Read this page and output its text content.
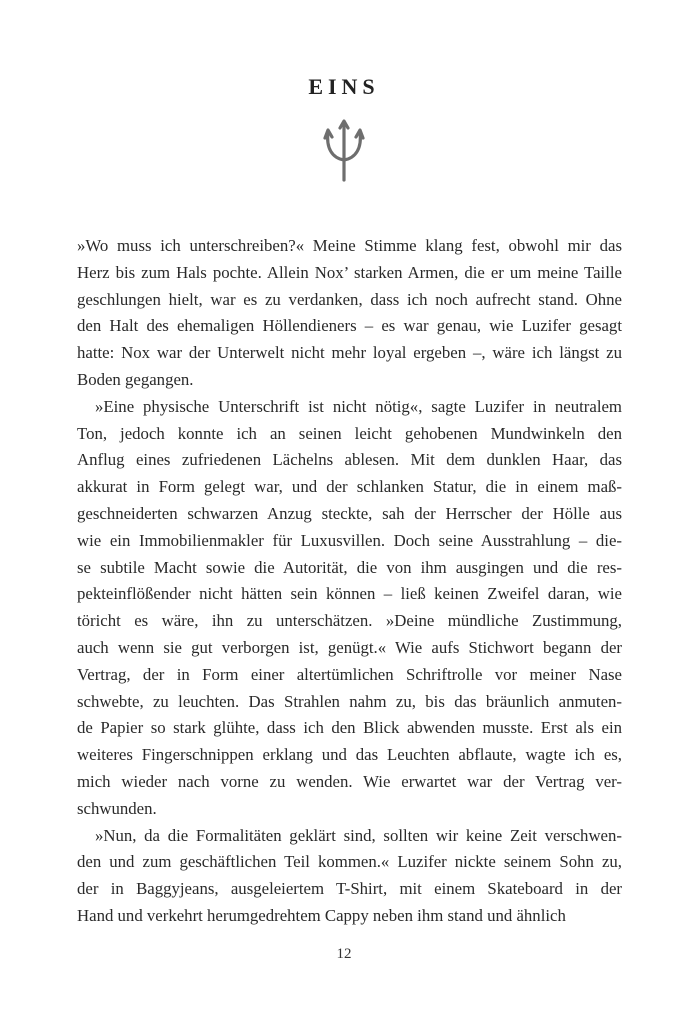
EINS
»Wo muss ich unterschreiben?« Meine Stimme klang fest, obwohl mir das
Herz bis zum Hals pochte. Allein Nox’ starken Armen, die er um meine Taille
geschlungen hielt, war es zu verdanken, dass ich noch aufrecht stand. Ohne
den Halt des ehemaligen Höllendieners – es war genau, wie Luzifer gesagt
hatte: Nox war der Unterwelt nicht mehr loyal ergeben –, wäre ich längst zu
Boden gegangen.
»Eine physische Unterschrift ist nicht nötig«, sagte Luzifer in neutralem
Ton, jedoch konnte ich an seinen leicht gehobenen Mundwinkeln den
Anflug eines zufriedenen Lächelns ablesen. Mit dem dunklen Haar, das
akkurat in Form gelegt war, und der schlanken Statur, die in einem maß-
geschneiderten schwarzen Anzug steckte, sah der Herrscher der Hölle aus
wie ein Immobilienmakler für Luxusvillen. Doch seine Ausstrahlung – die-
se subtile Macht sowie die Autorität, die von ihm ausgingen und die res-
pekteinflößender nicht hätten sein können – ließ keinen Zweifel daran, wie
töricht es wäre, ihn zu unterschätzen. »Deine mündliche Zustimmung,
auch wenn sie gut verborgen ist, genügt.« Wie aufs Stichwort begann der
Vertrag, der in Form einer altertümlichen Schriftrolle vor meiner Nase
schwebte, zu leuchten. Das Strahlen nahm zu, bis das bräunlich anmuten-
de Papier so stark glühte, dass ich den Blick abwenden musste. Erst als ein
weiteres Fingerschnippen erklang und das Leuchten abflaute, wagte ich es,
mich wieder nach vorne zu wenden. Wie erwartet war der Vertrag ver-
schwunden.
»Nun, da die Formalitäten geklärt sind, sollten wir keine Zeit verschwen-
den und zum geschäftlichen Teil kommen.« Luzifer nickte seinem Sohn zu,
der in Baggyjeans, ausgeleiertem T-Shirt, mit einem Skateboard in der
Hand und verkehrt herumgedrehtem Cappy neben ihm stand und ähnlich
12
